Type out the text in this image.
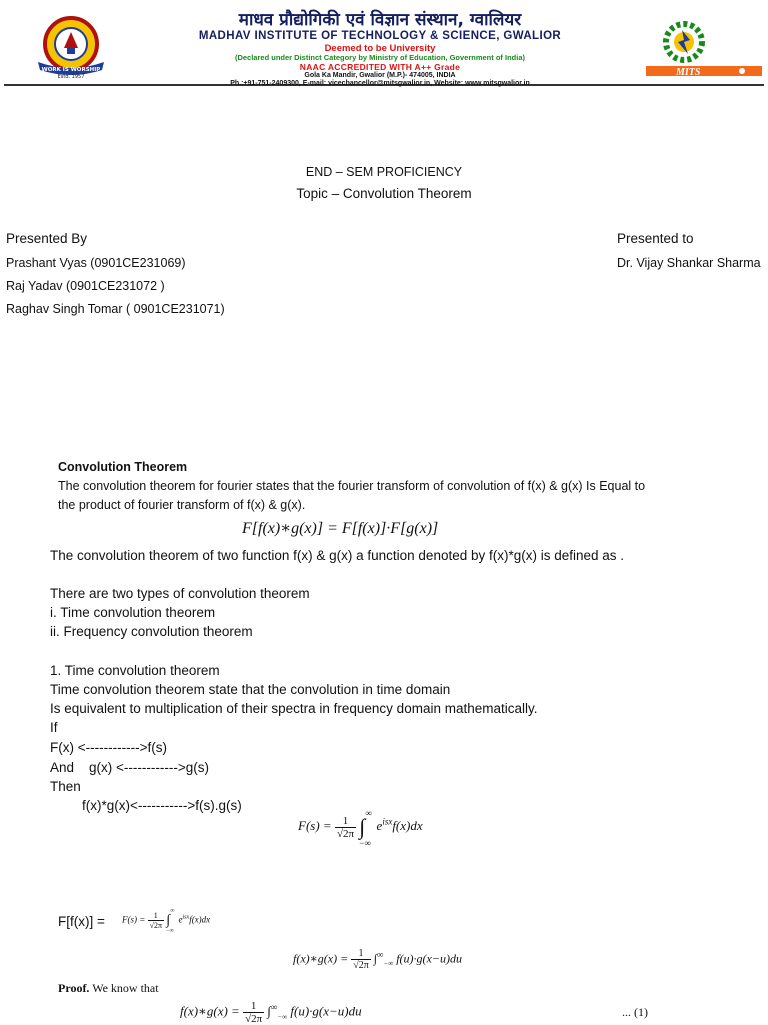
WORK IS WORSHIP
Estd. 1957
माधव प्रौद्योगिकी एवं विज्ञान संस्थान, ग्वालियर
MADHAV INSTITUTE OF TECHNOLOGY & SCIENCE, GWALIOR
Deemed to be University
(Declared under Distinct Category by Ministry of Education, Government of India)
NAAC ACCREDITED WITH A++ Grade
Gola Ka Mandir, Gwalior (M.P.)- 474005, INDIA
Ph.:+91-751-2409300, E-mail: vicechancellor@mitsgwalior.in, Website: www.mitsgwalior.in
MITS
END – SEM PROFICIENCY
Topic – Convolution Theorem
Presented By
Prashant Vyas (0901CE231069)
Raj Yadav (0901CE231072 )
Raghav Singh Tomar ( 0901CE231071)
Presented to
Dr. Vijay Shankar Sharma
Convolution Theorem
The convolution theorem for fourier states that the fourier transform of convolution of f(x) & g(x) Is Equal to
the product of fourier transform of f(x) & g(x).
F[f(x)∗g(x)] = F[f(x)]·F[g(x)]
The convolution theorem of two function f(x) & g(x) a function denoted by f(x)*g(x) is defined as .
There are two types of convolution theorem
i. Time convolution theorem
ii. Frequency convolution theorem
1. Time convolution theorem
Time convolution theorem state that the convolution in time domain
Is equivalent to multiplication of their spectra in frequency domain mathematically.
If
F(x) <------------>f(s)
And    g(x) <------------>g(s)
Then
f(x)*g(x)<----------->f(s).g(s)
$F(s) = \frac{1}{√2\pi}$ ∫
∞
−∞
$e^{isx}f(x)dx$
$F[f(x)] = F(s) = \frac{1}{√2\pi}$ ∫
∞
−∞
$e^{isx}f(x)dx$
f(x)∗g(x) = $\frac{1}{√2\pi} \int^\infty_{-\infty}$ f(u)·g(x−u)du
Proof. We know that
f(x)∗g(x) = $\frac{1}{√2\pi} \int^\infty_{-\infty}$ f(u)·g(x−u)du	... (1)
